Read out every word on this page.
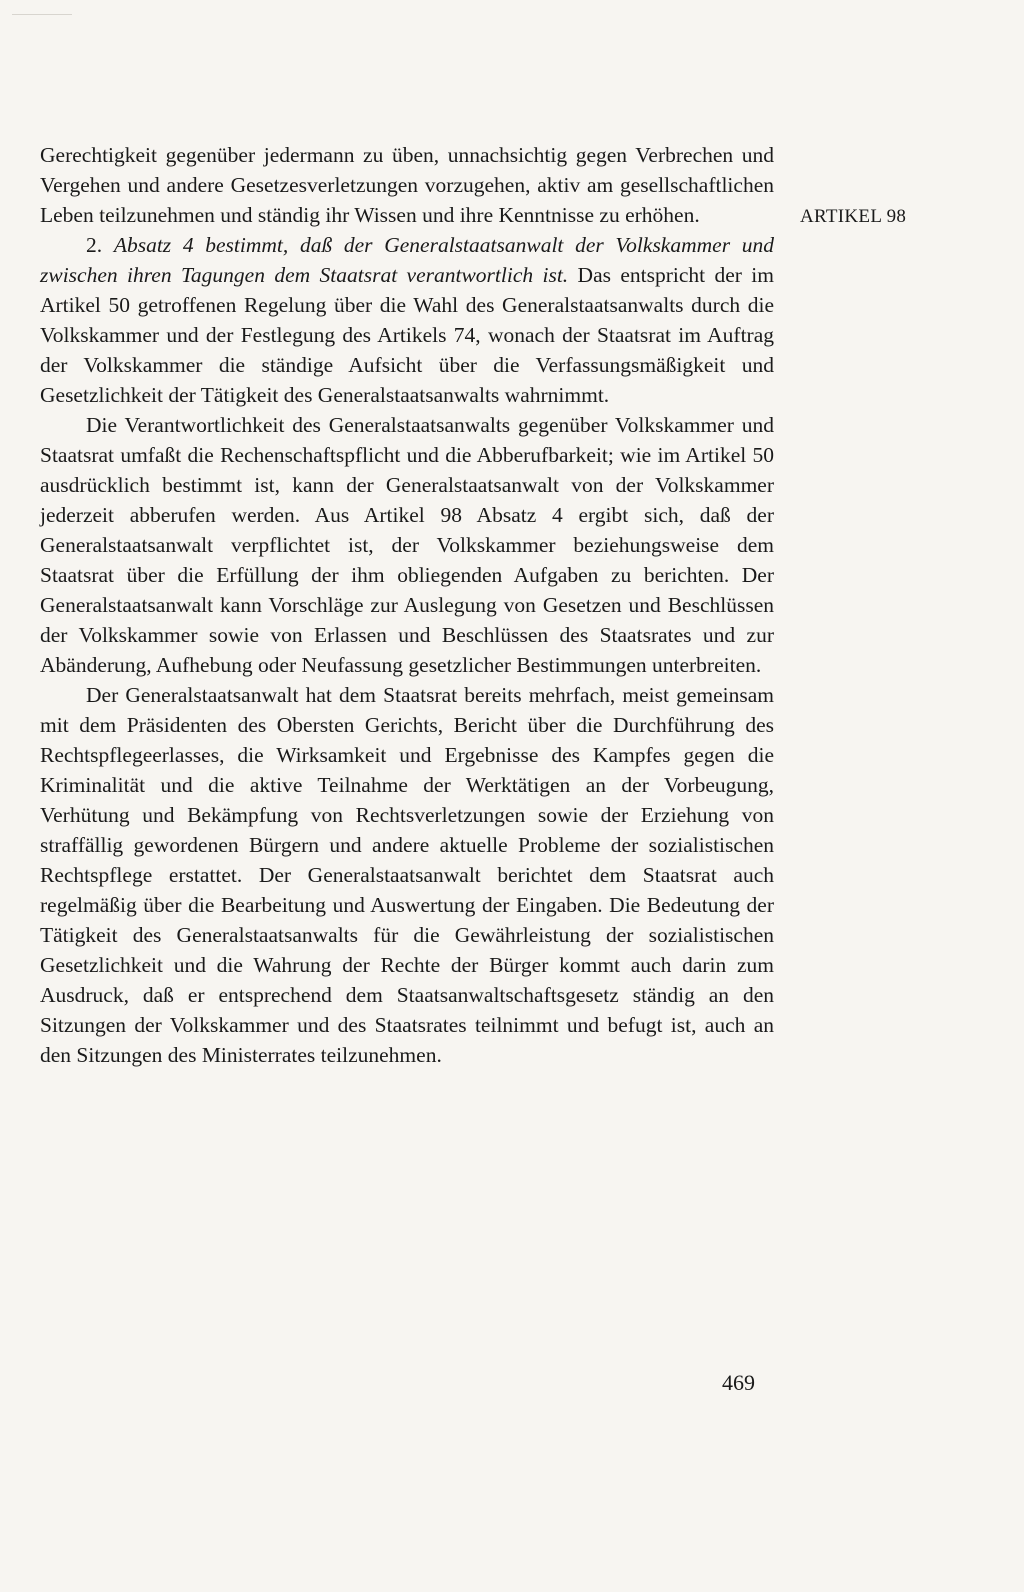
ARTIKEL 98

Gerechtigkeit gegenüber jedermann zu üben, unnachsichtig gegen Verbrechen und Vergehen und andere Gesetzesverletzungen vorzugehen, aktiv am gesellschaftlichen Leben teilzunehmen und ständig ihr Wissen und ihre Kenntnisse zu erhöhen.

2. Absatz 4 bestimmt, daß der Generalstaatsanwalt der Volkskammer und zwischen ihren Tagungen dem Staatsrat verantwortlich ist. Das entspricht der im Artikel 50 getroffenen Regelung über die Wahl des Generalstaatsanwalts durch die Volkskammer und der Festlegung des Artikels 74, wonach der Staatsrat im Auftrag der Volkskammer die ständige Aufsicht über die Verfassungsmäßigkeit und Gesetzlichkeit der Tätigkeit des Generalstaatsanwalts wahrnimmt.

Die Verantwortlichkeit des Generalstaatsanwalts gegenüber Volkskammer und Staatsrat umfaßt die Rechenschaftspflicht und die Abberufbarkeit; wie im Artikel 50 ausdrücklich bestimmt ist, kann der Generalstaatsanwalt von der Volkskammer jederzeit abberufen werden. Aus Artikel 98 Absatz 4 ergibt sich, daß der Generalstaatsanwalt verpflichtet ist, der Volkskammer beziehungsweise dem Staatsrat über die Erfüllung der ihm obliegenden Aufgaben zu berichten. Der Generalstaatsanwalt kann Vorschläge zur Auslegung von Gesetzen und Beschlüssen der Volkskammer sowie von Erlassen und Beschlüssen des Staatsrates und zur Abänderung, Aufhebung oder Neufassung gesetzlicher Bestimmungen unterbreiten.

Der Generalstaatsanwalt hat dem Staatsrat bereits mehrfach, meist gemeinsam mit dem Präsidenten des Obersten Gerichts, Bericht über die Durchführung des Rechtspflegeerlasses, die Wirksamkeit und Ergebnisse des Kampfes gegen die Kriminalität und die aktive Teilnahme der Werktätigen an der Vorbeugung, Verhütung und Bekämpfung von Rechtsverletzungen sowie der Erziehung von straffällig gewordenen Bürgern und andere aktuelle Probleme der sozialistischen Rechtspflege erstattet. Der Generalstaatsanwalt berichtet dem Staatsrat auch regelmäßig über die Bearbeitung und Auswertung der Eingaben. Die Bedeutung der Tätigkeit des Generalstaatsanwalts für die Gewährleistung der sozialistischen Gesetzlichkeit und die Wahrung der Rechte der Bürger kommt auch darin zum Ausdruck, daß er entsprechend dem Staatsanwaltschaftsgesetz ständig an den Sitzungen der Volkskammer und des Staatsrates teilnimmt und befugt ist, auch an den Sitzungen des Ministerrates teilzunehmen.

469
